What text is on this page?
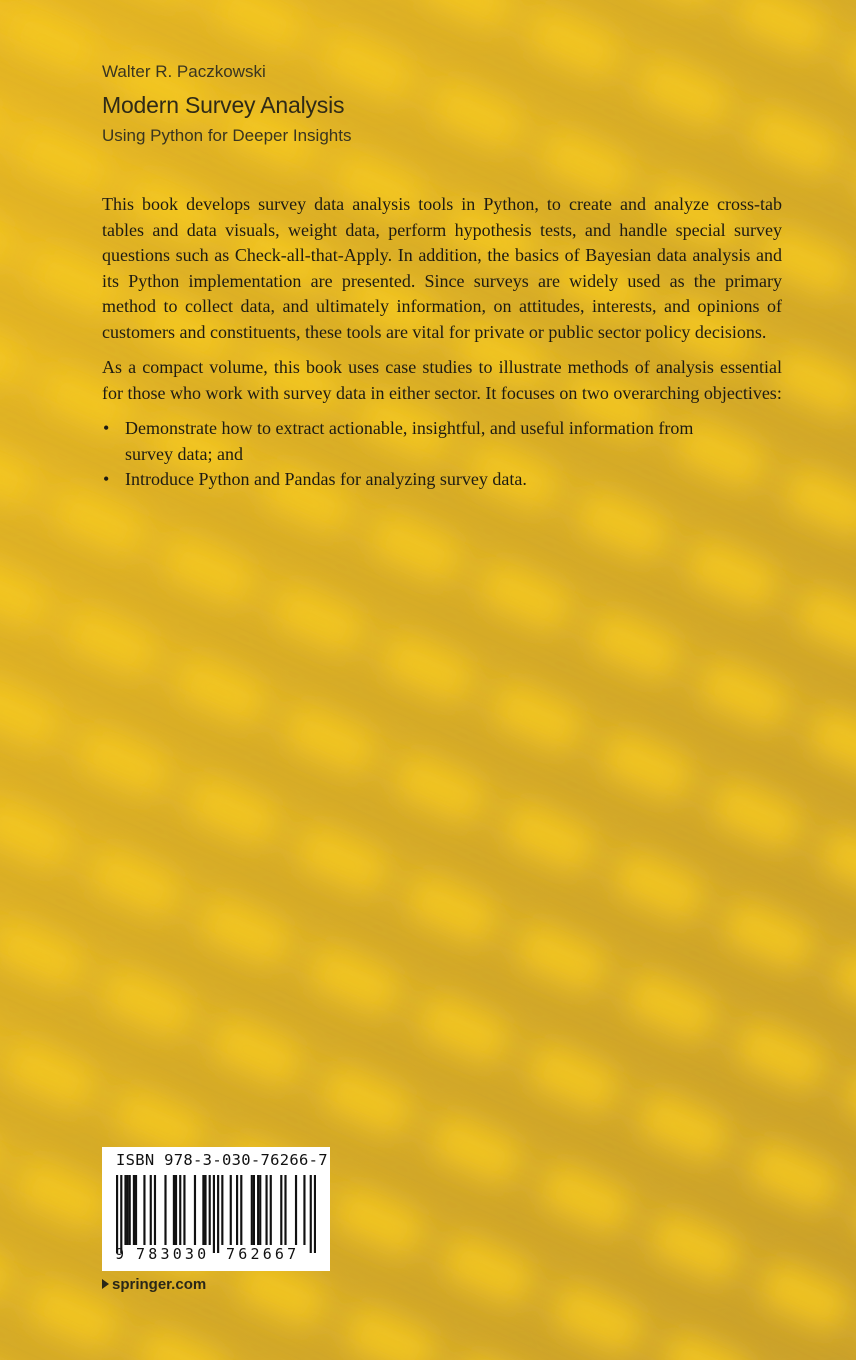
Walter R. Paczkowski
Modern Survey Analysis
Using Python for Deeper Insights

This book develops survey data analysis tools in Python, to create and analyze cross-tab tables and data visuals, weight data, perform hypothesis tests, and handle special survey questions such as Check-all-that-Apply. In addition, the basics of Bayesian data analysis and its Python implementation are presented. Since surveys are widely used as the primary method to collect data, and ultimately information, on attitudes, interests, and opinions of customers and constituents, these tools are vital for private or public sector policy decisions.

As a compact volume, this book uses case studies to illustrate methods of analysis essential for those who work with survey data in either sector. It focuses on two overarching objectives:

• Demonstrate how to extract actionable, insightful, and useful information from survey data; and
• Introduce Python and Pandas for analyzing survey data.
ISBN 978-3-030-76266-7
9 783030 762667
springer.com
